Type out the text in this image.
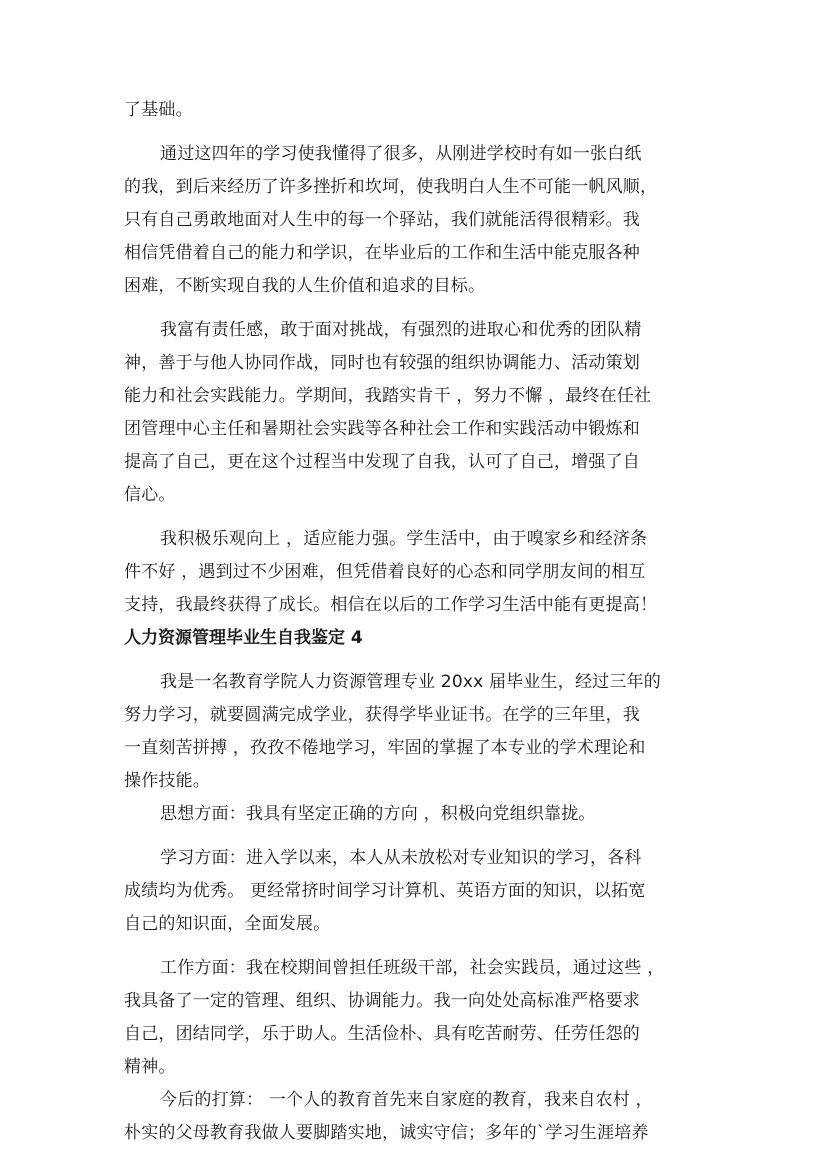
了基础。
通过这四年的学习使我懂得了很多，从刚进学校时有如一张白纸
的我，到后来经历了许多挫折和坎坷，使我明白人生不可能一帆风顺，
只有自己勇敢地面对人生中的每一个驿站，我们就能活得很精彩。我
相信凭借着自己的能力和学识，在毕业后的工作和生活中能克服各种
困难，不断实现自我的人生价值和追求的目标。
我富有责任感，敢于面对挑战，有强烈的进取心和优秀的团队精
神，善于与他人协同作战，同时也有较强的组织协调能力、活动策划
能力和社会实践能力。学期间，我踏实肯干 ，努力不懈 ，最终在任社
团管理中心主任和暑期社会实践等各种社会工作和实践活动中锻炼和
提高了自己，更在这个过程当中发现了自我，认可了自己，增强了自
信心。
我积极乐观向上 ，适应能力强。学生活中，由于嗅家乡和经济条
件不好 ，遇到过不少困难，但凭借着良好的心态和同学朋友间的相互
支持，我最终获得了成长。相信在以后的工作学习生活中能有更提高！
人力资源管理毕业生自我鉴定 4
我是一名教育学院人力资源管理专业 20xx 届毕业生，经过三年的
努力学习，就要圆满完成学业，获得学毕业证书。在学的三年里，我
一直刻苦拼搏 ，孜孜不倦地学习，牢固的掌握了本专业的学术理论和
操作技能。
思想方面：我具有坚定正确的方向 ，积极向党组织靠拢。
学习方面：进入学以来，本人从未放松对专业知识的学习，各科
成绩均为优秀。 更经常挤时间学习计算机、英语方面的知识，以拓宽
自己的知识面，全面发展。
工作方面：我在校期间曾担任班级干部，社会实践员，通过这些 ，
我具备了一定的管理、组织、协调能力。我一向处处高标准严格要求
自己，团结同学，乐于助人。生活俭朴、具有吃苦耐劳、任劳任怨的
精神。
今后的打算： 一个人的教育首先来自家庭的教育，我来自农村 ，
朴实的父母教育我做人要脚踏实地，诚实守信；多年的`学习生涯培养
